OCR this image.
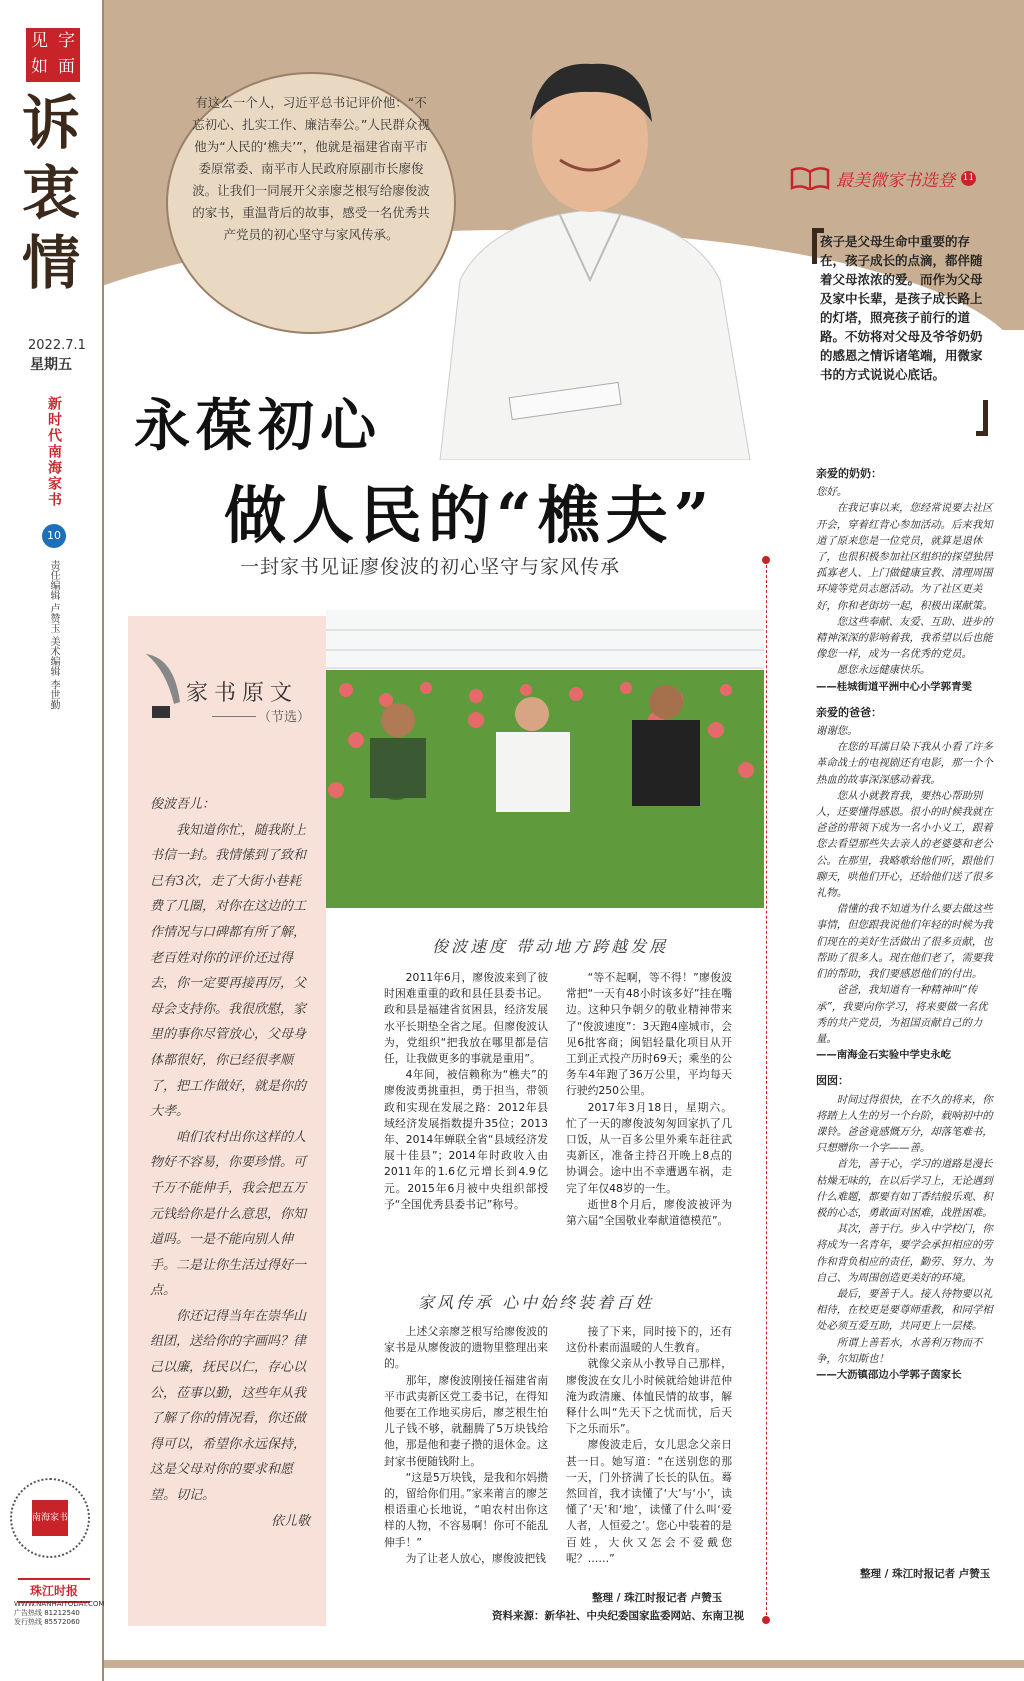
见 字
如 面
诉
衷
情
2022.7.1
星期五
新时代南海家书
10
责任编辑 卢赞玉 美术编辑 李世勤
南海家书
珠江时报
WWW.NANHAITODAY.COM
广告热线 81212540
发行热线 85572060
有这么一个人，习近平总书记评价他：“不忘初心、扎实工作、廉洁奉公。”人民群众视他为“人民的‘樵夫’”，他就是福建省南平市委原常委、南平市人民政府原副市长廖俊波。让我们一同展开父亲廖芝根写给廖俊波的家书，重温背后的故事，感受一名优秀共产党员的初心坚守与家风传承。
永葆初心
做人民的“樵夫”
一封家书见证廖俊波的初心坚守与家风传承
最美微家书选登 11
孩子是父母生命中重要的存在，孩子成长的点滴，都伴随着父母浓浓的爱。而作为父母及家中长辈，是孩子成长路上的灯塔，照亮孩子前行的道路。不妨将对父母及爷爷奶奶的感恩之情诉诸笔端，用微家书的方式说说心底话。
家书原文
（节选）

俊波吾儿：

我知道你忙，随我附上书信一封。我情愫到了致和已有3次，走了大街小巷耗费了几圈，对你在这边的工作情况与口碑都有所了解，老百姓对你的评价还过得去，你一定要再接再厉，父母会支持你。我很欣慰，家里的事你尽管放心，父母身体都很好，你已经很孝顺了，把工作做好，就是你的大孝。

咱们农村出你这样的人物好不容易，你要珍惜。可千万不能伸手，我会把五万元钱给你是什么意思，你知道吗。一是不能向别人伸手。二是让你生活过得好一点。

你还记得当年在崇华山组团，送给你的字画吗？律己以廉，抚民以仁，存心以公，莅事以勤，这些年从我了解了你的情况看，你还做得可以，希望你永远保持，这是父母对你的要求和愿望。切记。

依儿敬

俊波速度 带动地方跨越发展

2011年6月，廖俊波来到了彼时困难重重的政和县任县委书记。政和县是福建省贫困县，经济发展水平长期垫全省之尾。但廖俊波认为，党组织“把我放在哪里都是信任，让我做更多的事就是重用”。

4年间，被信赖称为“樵夫”的廖俊波勇挑重担，勇于担当，带领政和实现在发展之路：2012年县域经济发展指数提升35位；2013年、2014年蝉联全省“县域经济发展十佳县”；2014年时政收入由2011年的1.6亿元增长到4.9亿元。2015年6月被中央组织部授予“全国优秀县委书记”称号。

“等不起啊，等不得！”廖俊波常把“一天有48小时该多好”挂在嘴边。这种只争朝夕的敬业精神带来了“俊波速度”：3天跑4座城市，会见6批客商；闽铝轻量化项目从开工到正式投产历时69天；乘坐的公务车4年跑了36万公里，平均每天行驶约250公里。

2017年3月18日，星期六。忙了一天的廖俊波匆匆回家扒了几口饭，从一百多公里外乘车赶往武夷新区，准备主持召开晚上8点的协调会。途中出不幸遭遇车祸，走完了年仅48岁的一生。

逝世8个月后，廖俊波被评为第六届“全国敬业奉献道德模范”。

家风传承 心中始终装着百姓

上述父亲廖芝根写给廖俊波的家书是从廖俊波的遗物里整理出来的。

那年，廖俊波刚接任福建省南平市武夷新区党工委书记，在得知他要在工作地买房后，廖芝根生怕儿子钱不够，就翻腾了5万块钱给他，那是他和妻子攒的退休金。这封家书便随钱附上。

“这是5万块钱，是我和尔妈攒的，留给你们用。”家来莆言的廖芝根语重心长地说，“咱农村出你这样的人物，不容易啊！你可不能乱伸手！”

为了让老人放心，廖俊波把钱

接了下来，同时接下的，还有这份朴素而温暖的人生教育。

就像父亲从小教导自己那样，廖俊波在女儿小时候就给她讲范仲淹为政清廉、体恤民情的故事，解释什么叫“先天下之忧而忧，后天下之乐而乐”。

廖俊波走后，女儿思念父亲日甚一日。她写道：“在送别您的那一天，门外挤满了长长的队伍。蓦然回首，我才读懂了‘大’与‘小’，读懂了‘天’和‘地’，读懂了什么叫‘爱人者，人恒爱之’。您心中装着的是百姓，大伙又怎会不爱戴您呢？……”

整理 / 珠江时报记者 卢赞玉
资料来源：新华社、中央纪委国家监委网站、东南卫视
亲爱的奶奶：

您好。

在我记事以来，您经常说要去社区开会，穿着红背心参加活动。后来我知道了原来您是一位党员，就算是退休了，也很积极参加社区组织的探望独居孤寡老人、上门做健康宣教、清理周围环境等党员志愿活动。为了社区更美好，你和老街坊一起，积极出谋献策。

您这些奉献、友爱、互助、进步的精神深深的影响着我，我希望以后也能像您一样，成为一名优秀的党员。

愿您永远健康快乐。

——桂城街道平洲中心小学郭青雯

亲爱的爸爸：

谢谢您。

在您的耳濡目染下我从小看了许多革命战士的电视剧还有电影，那一个个热血的故事深深感动着我。

您从小就教育我，要热心帮助别人，还要懂得感恩。很小的时候我就在爸爸的带领下成为一名小小义工，跟着您去看望那些失去亲人的老婆婆和老公公。在那里，我略歌给他们听，跟他们聊天，哄他们开心，还给他们送了很多礼物。

借懂的我不知道为什么要去做这些事情，但您跟我说他们年轻的时候为我们现在的美好生活做出了很多贡献，也帮助了很多人。现在他们老了，需要我们的帮助，我们要感恩他们的付出。

爸爸，我知道有一种精神叫“传承”，我要向你学习，将来要做一名优秀的共产党员，为祖国贡献自己的力量。

——南海金石实验中学史永屹

囡囡：

时间过得很快，在不久的将来，你将踏上人生的另一个台阶，载响初中的课铃。爸爸竟感慨万分，却落笔难书，只想赠你一个字——善。

首先，善于心，学习的道路是漫长枯燥无味的，在以后学习上，无论遇到什么难题，都要有如丁香结般乐观、积极的心态，勇敢面对困难，战胜困难。

其次，善于行。步入中学校门，你将成为一名青年，要学会承担相应的劳作和背负相应的责任，勤劳、努力、为自己、为周围创造更美好的环境。

最后，要善于人。接人待物要以礼相待，在校更是要尊师重教，和同学相处必须互爱互助，共同更上一层楼。

所谓上善若水，水善利万物而不争，尔知斯也！

——大沥镇邵边小学郭子茵家长

整理 / 珠江时报记者 卢赞玉
